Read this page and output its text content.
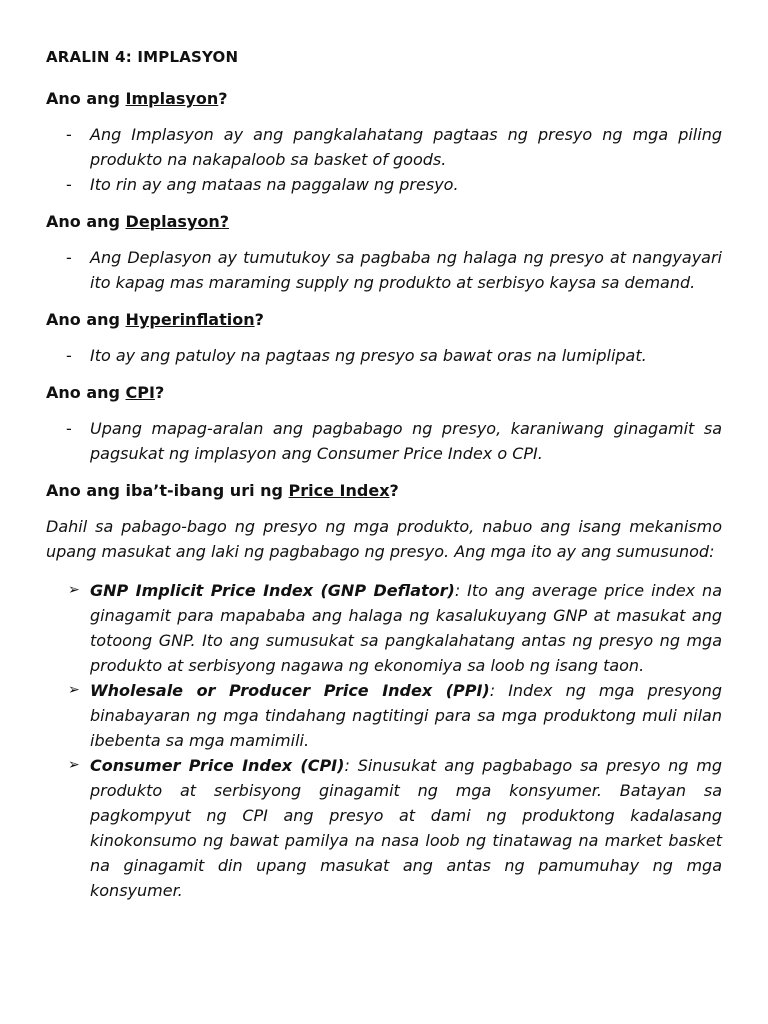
ARALIN 4: IMPLASYON
Ano ang Implasyon?
- Ang Implasyon ay ang pangkalahatang pagtaas ng presyo ng mga piling produkto na nakapaloob sa basket of goods.
- Ito rin ay ang mataas na paggalaw ng presyo.
Ano ang Deplasyon?
- Ang Deplasyon ay tumutukoy sa pagbaba ng halaga ng presyo at nangyayari ito kapag mas maraming supply ng produkto at serbisyo kaysa sa demand.
Ano ang Hyperinflation?
- Ito ay ang patuloy na pagtaas ng presyo sa bawat oras na lumiplipat.
Ano ang CPI?
- Upang mapag-aralan ang pagbabago ng presyo, karaniwang ginagamit sa pagsukat ng implasyon ang Consumer Price Index o CPI.
Ano ang iba’t-ibang uri ng Price Index?

Dahil sa pabago-bago ng presyo ng mga produkto, nabuo ang isang mekanismo upang masukat ang laki ng pagbabago ng presyo. Ang mga ito ay ang sumusunod:

➢ GNP Implicit Price Index (GNP Deflator): Ito ang average price index na ginagamit para mapababa ang halaga ng kasalukuyang GNP at masukat ang totoong GNP. Ito ang sumusukat sa pangkalahatang antas ng presyo ng mga produkto at serbisyong nagawa ng ekonomiya sa loob ng isang taon.
➢ Wholesale or Producer Price Index (PPI): Index ng mga presyong binabayaran ng mga tindahang nagtitingi para sa mga produktong muli nilan ibebenta sa mga mamimili.
➢ Consumer Price Index (CPI): Sinusukat ang pagbabago sa presyo ng mg produkto at serbisyong ginagamit ng mga konsyumer. Batayan sa pagkompyut ng CPI ang presyo at dami ng produktong kadalasang kinokonsumo ng bawat pamilya na nasa loob ng tinatawag na market basket na ginagamit din upang masukat ang antas ng pamumuhay ng mga konsyumer.
